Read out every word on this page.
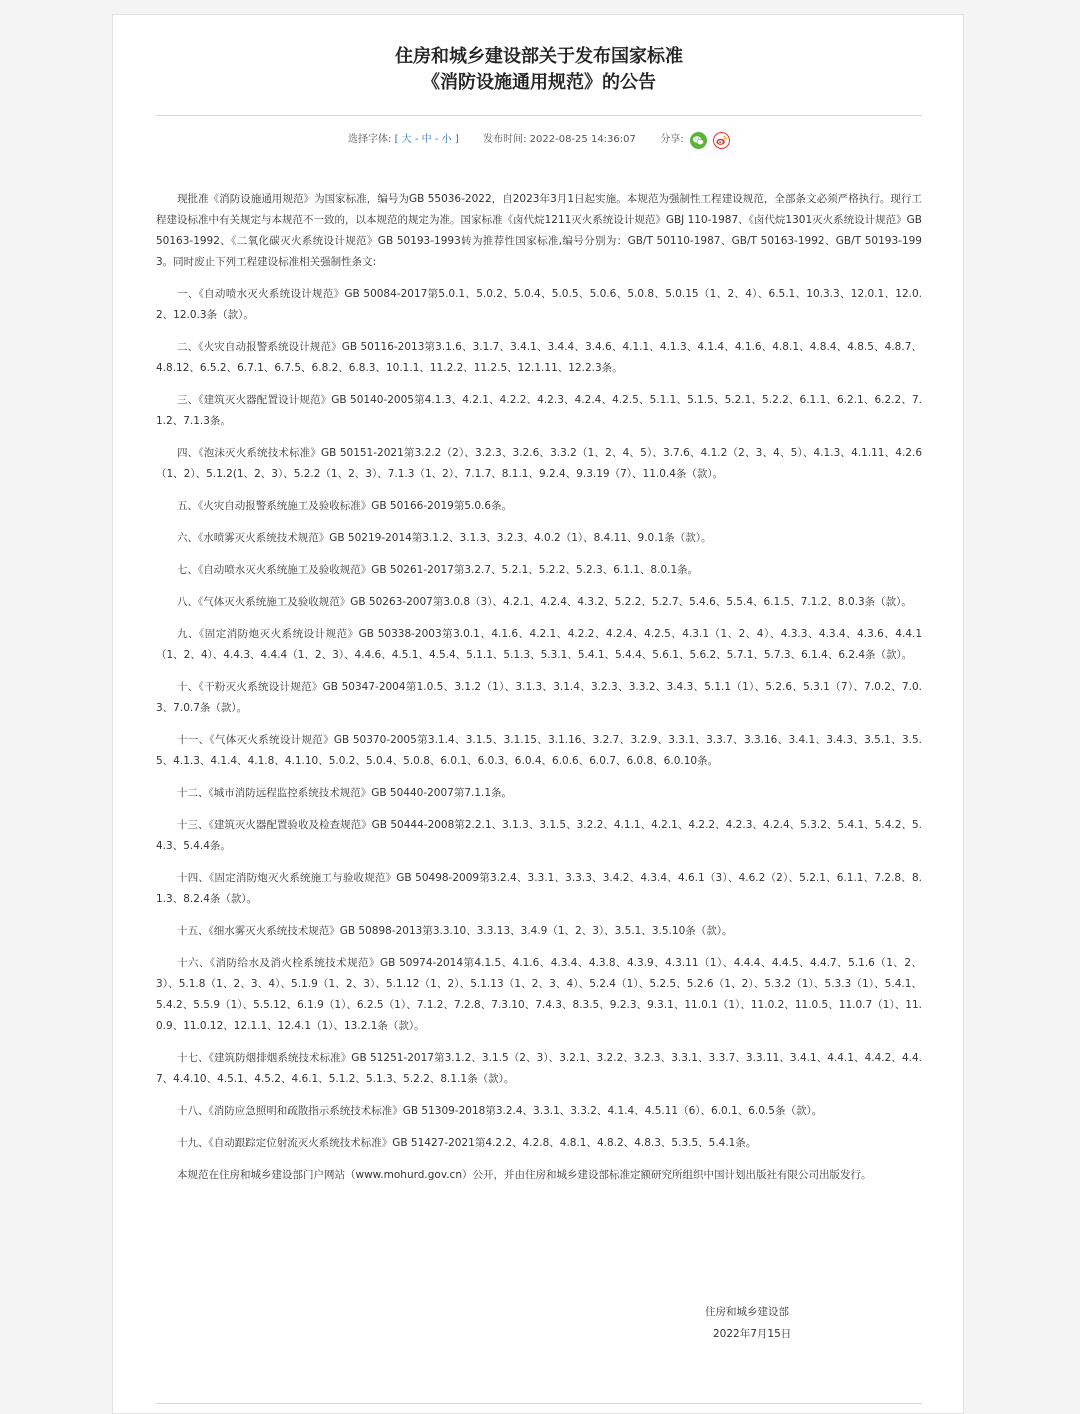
住房和城乡建设部关于发布国家标准
《消防设施通用规范》的公告
选择字体: [ 大 - 中 - 小 ] 发布时间: 2022-08-25 14:36:07 分享:

现批准《消防设施通用规范》为国家标准，编号为GB 55036-2022，自2023年3月1日起实施。本规范为强制性工程建设规范，全部条文必须严格执行。现行工程建设标准中有关规定与本规范不一致的，以本规范的规定为准。国家标准《卤代烷1211灭火系统设计规范》GBJ 110-1987、《卤代烷1301灭火系统设计规范》GB 50163-1992、《二氧化碳灭火系统设计规范》GB 50193-1993转为推荐性国家标准,编号分别为：GB/T 50110-1987、GB/T 50163-1992、GB/T 50193-1993。同时废止下列工程建设标准相关强制性条文:

一、《自动喷水灭火系统设计规范》GB 50084-2017第5.0.1、5.0.2、5.0.4、5.0.5、5.0.6、5.0.8、5.0.15（1、2、4）、6.5.1、10.3.3、12.0.1、12.0.2、12.0.3条（款）。

二、《火灾自动报警系统设计规范》GB 50116-2013第3.1.6、3.1.7、3.4.1、3.4.4、3.4.6、4.1.1、4.1.3、4.1.4、4.1.6、4.8.1、4.8.4、4.8.5、4.8.7、4.8.12、6.5.2、6.7.1、6.7.5、6.8.2、6.8.3、10.1.1、11.2.2、11.2.5、12.1.11、12.2.3条。

三、《建筑灭火器配置设计规范》GB 50140-2005第4.1.3、4.2.1、4.2.2、4.2.3、4.2.4、4.2.5、5.1.1、5.1.5、5.2.1、5.2.2、6.1.1、6.2.1、6.2.2、7.1.2、7.1.3条。

四、《泡沫灭火系统技术标准》GB 50151-2021第3.2.2（2）、3.2.3、3.2.6、3.3.2（1、2、4、5）、3.7.6、4.1.2（2、3、4、5）、4.1.3、4.1.11、4.2.6（1、2）、5.1.2(1、2、3）、5.2.2（1、2、3）、7.1.3（1、2）、7.1.7、8.1.1、9.2.4、9.3.19（7）、11.0.4条（款）。

五、《火灾自动报警系统施工及验收标准》GB 50166-2019第5.0.6条。

六、《水喷雾灭火系统技术规范》GB 50219-2014第3.1.2、3.1.3、3.2.3、4.0.2（1）、8.4.11、9.0.1条（款）。

七、《自动喷水灭火系统施工及验收规范》GB 50261-2017第3.2.7、5.2.1、5.2.2、5.2.3、6.1.1、8.0.1条。

八、《气体灭火系统施工及验收规范》GB 50263-2007第3.0.8（3）、4.2.1、4.2.4、4.3.2、5.2.2、5.2.7、5.4.6、5.5.4、6.1.5、7.1.2、8.0.3条（款）。

九、《固定消防炮灭火系统设计规范》GB 50338-2003第3.0.1、4.1.6、4.2.1、4.2.2、4.2.4、4.2.5、4.3.1（1、2、4）、4.3.3、4.3.4、4.3.6、4.4.1（1、2、4）、4.4.3、4.4.4（1、2、3）、4.4.6、4.5.1、4.5.4、5.1.1、5.1.3、5.3.1、5.4.1、5.4.4、5.6.1、5.6.2、5.7.1、5.7.3、6.1.4、6.2.4条（款）。

十、《干粉灭火系统设计规范》GB 50347-2004第1.0.5、3.1.2（1）、3.1.3、3.1.4、3.2.3、3.3.2、3.4.3、5.1.1（1）、5.2.6、5.3.1（7）、7.0.2、7.0.3、7.0.7条（款）。

十一、《气体灭火系统设计规范》GB 50370-2005第3.1.4、3.1.5、3.1.15、3.1.16、3.2.7、3.2.9、3.3.1、3.3.7、3.3.16、3.4.1、3.4.3、3.5.1、3.5.5、4.1.3、4.1.4、4.1.8、4.1.10、5.0.2、5.0.4、5.0.8、6.0.1、6.0.3、6.0.4、6.0.6、6.0.7、6.0.8、6.0.10条。

十二、《城市消防远程监控系统技术规范》GB 50440-2007第7.1.1条。

十三、《建筑灭火器配置验收及检查规范》GB 50444-2008第2.2.1、3.1.3、3.1.5、3.2.2、4.1.1、4.2.1、4.2.2、4.2.3、4.2.4、5.3.2、5.4.1、5.4.2、5.4.3、5.4.4条。

十四、《固定消防炮灭火系统施工与验收规范》GB 50498-2009第3.2.4、3.3.1、3.3.3、3.4.2、4.3.4、4.6.1（3）、4.6.2（2）、5.2.1、6.1.1、7.2.8、8.1.3、8.2.4条（款）。

十五、《细水雾灭火系统技术规范》GB 50898-2013第3.3.10、3.3.13、3.4.9（1、2、3）、3.5.1、3.5.10条（款）。

十六、《消防给水及消火栓系统技术规范》GB 50974-2014第4.1.5、4.1.6、4.3.4、4.3.8、4.3.9、4.3.11（1）、4.4.4、4.4.5、4.4.7、5.1.6（1、2、3）、5.1.8（1、2、3、4）、5.1.9（1、2、3）、5.1.12（1、2）、5.1.13（1、2、3、4）、5.2.4（1）、5.2.5、5.2.6（1、2）、5.3.2（1）、5.3.3（1）、5.4.1、5.4.2、5.5.9（1）、5.5.12、6.1.9（1）、6.2.5（1）、7.1.2、7.2.8、7.3.10、7.4.3、8.3.5、9.2.3、9.3.1、11.0.1（1）、11.0.2、11.0.5、11.0.7（1）、11.0.9、11.0.12、12.1.1、12.4.1（1）、13.2.1条（款）。

十七、《建筑防烟排烟系统技术标准》GB 51251-2017第3.1.2、3.1.5（2、3）、3.2.1、3.2.2、3.2.3、3.3.1、3.3.7、3.3.11、3.4.1、4.4.1、4.4.2、4.4.7、4.4.10、4.5.1、4.5.2、4.6.1、5.1.2、5.1.3、5.2.2、8.1.1条（款）。

十八、《消防应急照明和疏散指示系统技术标准》GB 51309-2018第3.2.4、3.3.1、3.3.2、4.1.4、4.5.11（6）、6.0.1、6.0.5条（款）。

十九、《自动跟踪定位射流灭火系统技术标准》GB 51427-2021第4.2.2、4.2.8、4.8.1、4.8.2、4.8.3、5.3.5、5.4.1条。

本规范在住房和城乡建设部门户网站（www.mohurd.gov.cn）公开，并由住房和城乡建设部标准定额研究所组织中国计划出版社有限公司出版发行。

住房和城乡建设部
2022年7月15日
